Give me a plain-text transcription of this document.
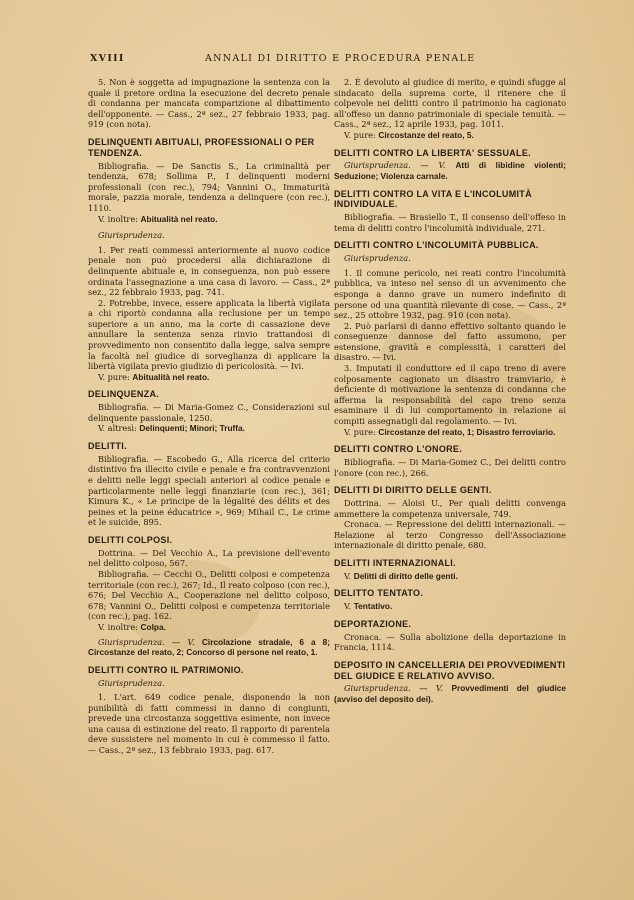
XVIII	ANNALI DI DIRITTO E PROCEDURA PENALE

5. Non è soggetta ad impugnazione la sentenza con la quale il pretore ordina la esecuzione del decreto penale di condanna per mancata comparizione al dibattimento dell'opponente. — Cass., 2ª sez., 27 febbraio 1933, pag. 919 (con nota).

DELINQUENTI ABITUALI, PROFESSIONALI O PER TENDENZA.

Bibliografia. — De Sanctis S., La criminalità per tendenza, 678; Sollima P., I delinquenti moderni professionali (con rec.), 794; Vannini O., Immaturità morale, pazzia morale, tendenza a delinquere (con rec.), 1110.

V. inoltre: Abitualità nel reato.

Giurisprudenza.

1. Per reati commessi anteriormente al nuovo codice penale non può procedersi alla dichiarazione di delinquente abituale e, in conseguenza, non può essere ordinata l'assegnazione a una casa di lavoro. — Cass., 2ª sez., 22 febbraio 1933, pag. 741.

2. Potrebbe, invece, essere applicata la libertà vigilata a chi riportò condanna alla reclusione per un tempo superiore a un anno, ma la corte di cassazione deve annullare la sentenza senza rinvio trattandosi di provvedimento non consentito dalla legge, salva sempre la facoltà nel giudice di sorveglianza di applicare la libertà vigilata previo giudizio di pericolosità. — Ivi.

V. pure: Abitualità nel reato.

DELINQUENZA.

Bibliografia. — Di Maria-Gomez C., Considerazioni sul delinquente passionale, 1250.

V. altresì: Delinquenti; Minori; Truffa.

DELITTI.

Bibliografia. — Escobedo G., Alla ricerca del criterio distintivo fra illecito civile e penale e fra contravvenzioni e delitti nelle leggi speciali anteriori al codice penale e particolarmente nelle leggi finanziarie (con rec.), 361; Kimura K., « Le principe de la légalité des délits et des peines et la peine éducatrice », 969; Mihail C., Le crime et le suicide, 895.

DELITTI COLPOSI.

Dottrina. — Del Vecchio A., La previsione dell'evento nel delitto colposo, 567.

Bibliografia. — Cecchi O., Delitti colposi e competenza territoriale (con rec.), 267; Id., Il reato colposo (con rec.), 676; Del Vecchio A., Cooperazione nel delitto colposo, 678; Vannini O., Delitti colposi e competenza territoriale (con rec.), pag. 162.

V. inoltre: Colpa.

Giurisprudenza. — V. Circolazione stradale, 6 a 8; Circostanze del reato, 2; Concorso di persone nel reato, 1.

DELITTI CONTRO IL PATRIMONIO.

Giurisprudenza.

1. L'art. 649 codice penale, disponendo la non punibilità di fatti commessi in danno di congiunti, prevede una circostanza soggettiva esimente, non invece una causa di estinzione del reato. Il rapporto di parentela deve sussistere nel momento in cui è commesso il fatto. — Cass., 2ª sez., 13 febbraio 1933, pag. 617.

2. È devoluto al giudice di merito, e quindi sfugge al sindacato della suprema corte, il ritenere che il colpevole nei delitti contro il patrimonio ha cagionato all'offeso un danno patrimoniale di speciale tenuità. — Cass., 2ª sez., 12 aprile 1933, pag. 1011.

V. pure: Circostanze del reato, 5.

DELITTI CONTRO LA LIBERTA' SESSUALE.

Giurisprudenza. — V. Atti di libidine violenti; Seduzione; Violenza carnale.

DELITTI CONTRO LA VITA E L'INCOLUMITÀ INDIVIDUALE.

Bibliografia. — Brasiello T., Il consenso dell'offeso in tema di delitti contro l'incolumità individuale, 271.

DELITTI CONTRO L'INCOLUMITÀ PUBBLICA.

Giurisprudenza.

1. Il comune pericolo, nei reati contro l'incolumità pubblica, va inteso nel senso di un avvenimento che esponga a danno grave un numero indefinito di persone od una quantità rilevante di cose. — Cass., 2ª sez., 25 ottobre 1932, pag. 910 (con nota).

2. Può parlarsi di danno effettivo soltanto quando le conseguenze dannose del fatto assumono, per estensione, gravità e complessità, i caratteri del disastro. — Ivi.

3. Imputati il conduttore ed il capo treno di avere colposamente cagionato un disastro tramviario, è deficiente di motivazione la sentenza di condanna che afferma la responsabilità del capo treno senza esaminare il di lui comportamento in relazione ai compiti assegnatigli dal regolamento. — Ivi.

V. pure: Circostanze del reato, 1; Disastro ferroviario.

DELITTI CONTRO L'ONORE.

Bibliografia. — Di Maria-Gomez C., Dei delitti contro l'onore (con rec.), 266.

DELITTI DI DIRITTO DELLE GENTI.

Dottrina. — Aloisi U., Per quali delitti convenga ammettere la competenza universale, 749.

Cronaca. — Repressione dei delitti internazionali. — Relazione al terzo Congresso dell'Associazione internazionale di diritto penale, 680.

DELITTI INTERNAZIONALI.

V. Delitti di diritto delle genti.

DELITTO TENTATO.

V. Tentativo.

DEPORTAZIONE.

Cronaca. — Sulla abolizione della deportazione in Francia, 1114.

DEPOSITO IN CANCELLERIA DEI PROVVEDIMENTI DEL GIUDICE E RELATIVO AVVISO.

Giurisprudenza. — V. Provvedimenti del giudice (avviso del deposito dei).
